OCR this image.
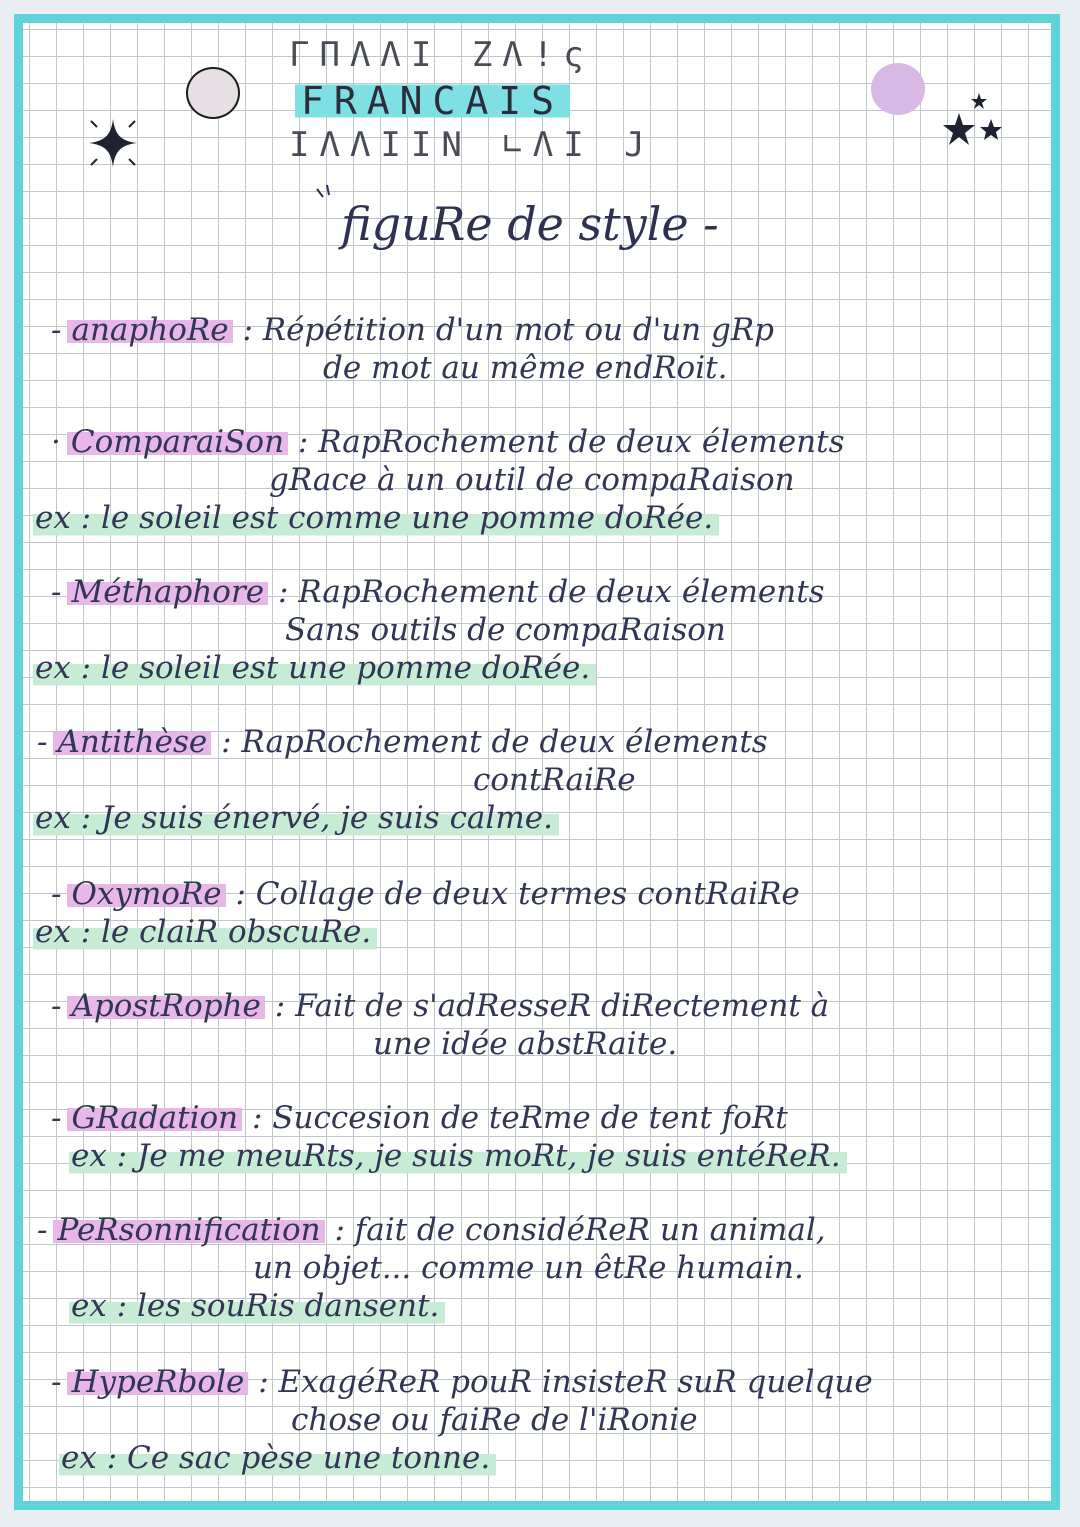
ΓΠΛΛΙ ΖΛ!ς
FRANCAIS
ΙΛΛΙΙΝ ∟ΛΙ J
figuRe de style -
- anaphoRe : Répétition d'un mot ou d'un gRp
de mot au même endRoit.
· ComparaiSon : RapRochement de deux élements
gRace à un outil de compaRaison
ex : le soleil est comme une pomme doRée.
- Méthaphore : RapRochement de deux élements
Sans outils de compaRaison
ex : le soleil est une pomme doRée.
- Antithèse : RapRochement de deux élements
contRaiRe
ex : Je suis énervé, je suis calme.
- OxymoRe : Collage de deux termes contRaiRe
ex : le claiR obscuRe.
- ApostRophe : Fait de s'adResseR diRectement à
une idée abstRaite.
- GRadation : Succesion de teRme de tent foRt
ex : Je me meuRts, je suis moRt, je suis entéReR.
- PeRsonnification : fait de considéReR un animal,
un objet... comme un êtRe humain.
ex : les souRis dansent.
- HypeRbole : ExagéReR pouR insisteR suR quelque
chose ou faiRe de l'iRonie
ex : Ce sac pèse une tonne.
